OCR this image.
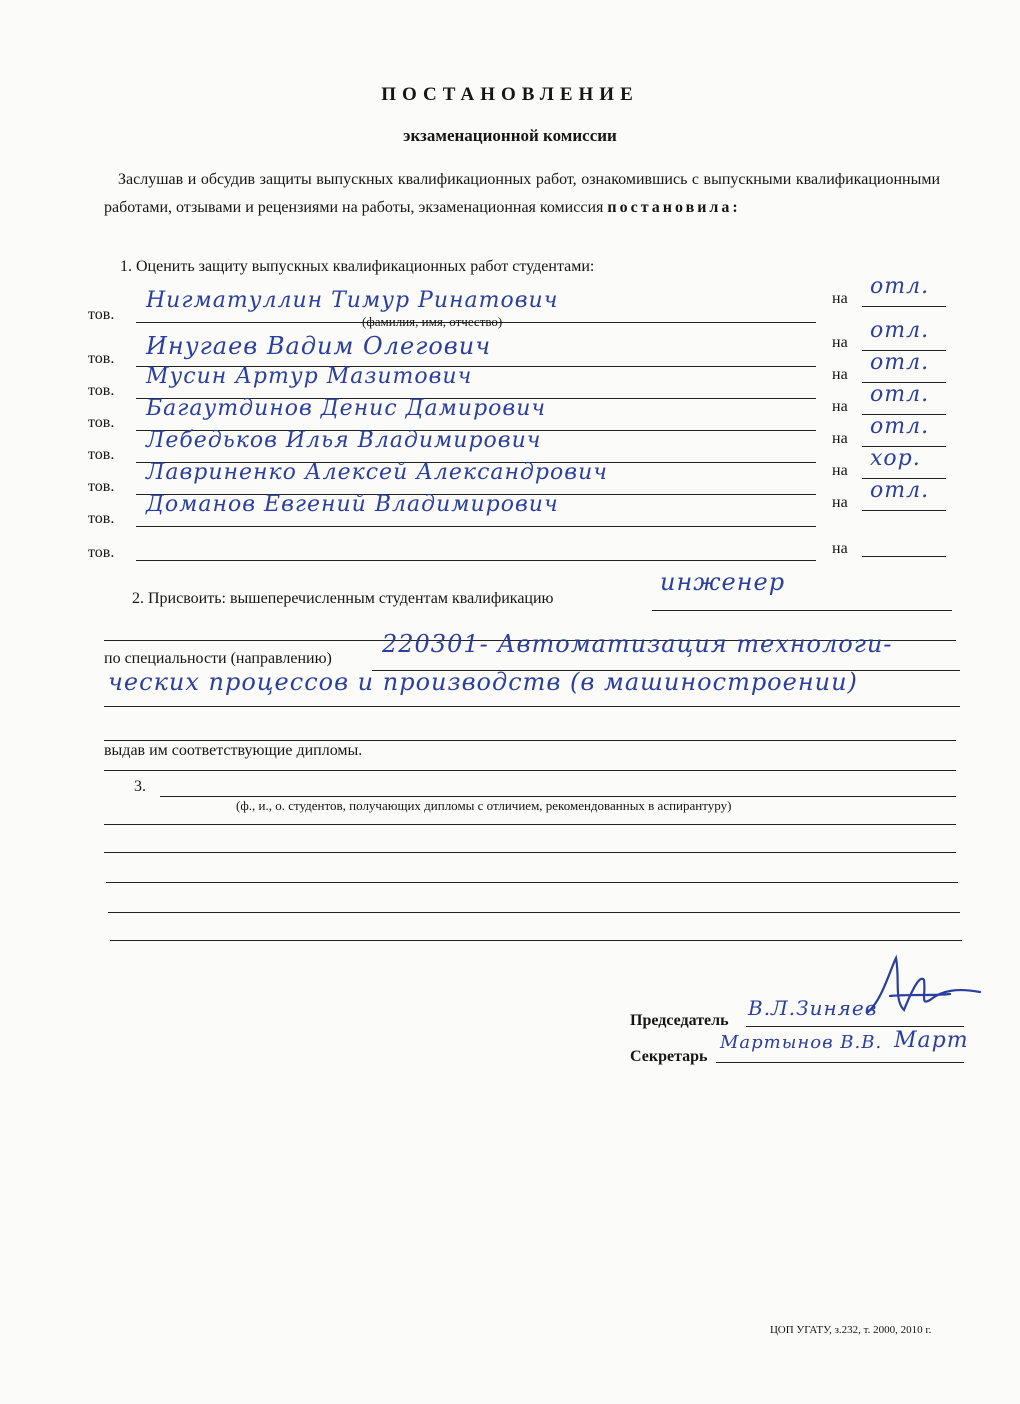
ПОСТАНОВЛЕНИЕ
экзаменационной комиссии
Заслушав и обсудив защиты выпускных квалификационных работ, ознакомившись с выпускными квалификационными работами, отзывами и рецензиями на работы, экзаменационная комиссия постановила:
1. Оценить защиту выпускных квалификационных работ студентами:
тов.
Нигматуллин Тимур Ринатович	на отл.
(фамилия, имя, отчество)
тов. Инугаев Вадим Олегович	на отл.
тов.
Мусин Артур Мазитович	на отл.
тов.
Багаутдинов Денис Дамирович	на отл.
тов.
Лебедьков Илья Владимирович	на отл.
тов.
Лавриненко Алексей Александрович	на хор.
тов.
Доманов Евгений Владимирович	на отл.
тов.	на
2. Присвоить: вышеперечисленным студентам квалификацию
инженер
по специальности (направлению)
220301- Автоматизация технологи-
ческих процессов и производств (в машиностроении)
выдав им соответствующие дипломы.
3.
(ф., и., о. студентов, получающих дипломы с отличием, рекомендованных в аспирантуру)
Председатель
В.Л.Зиняев
Секретарь
Мартынов В.В. Март
ЦОП УГАТУ, з.232, т. 2000, 2010 г.
